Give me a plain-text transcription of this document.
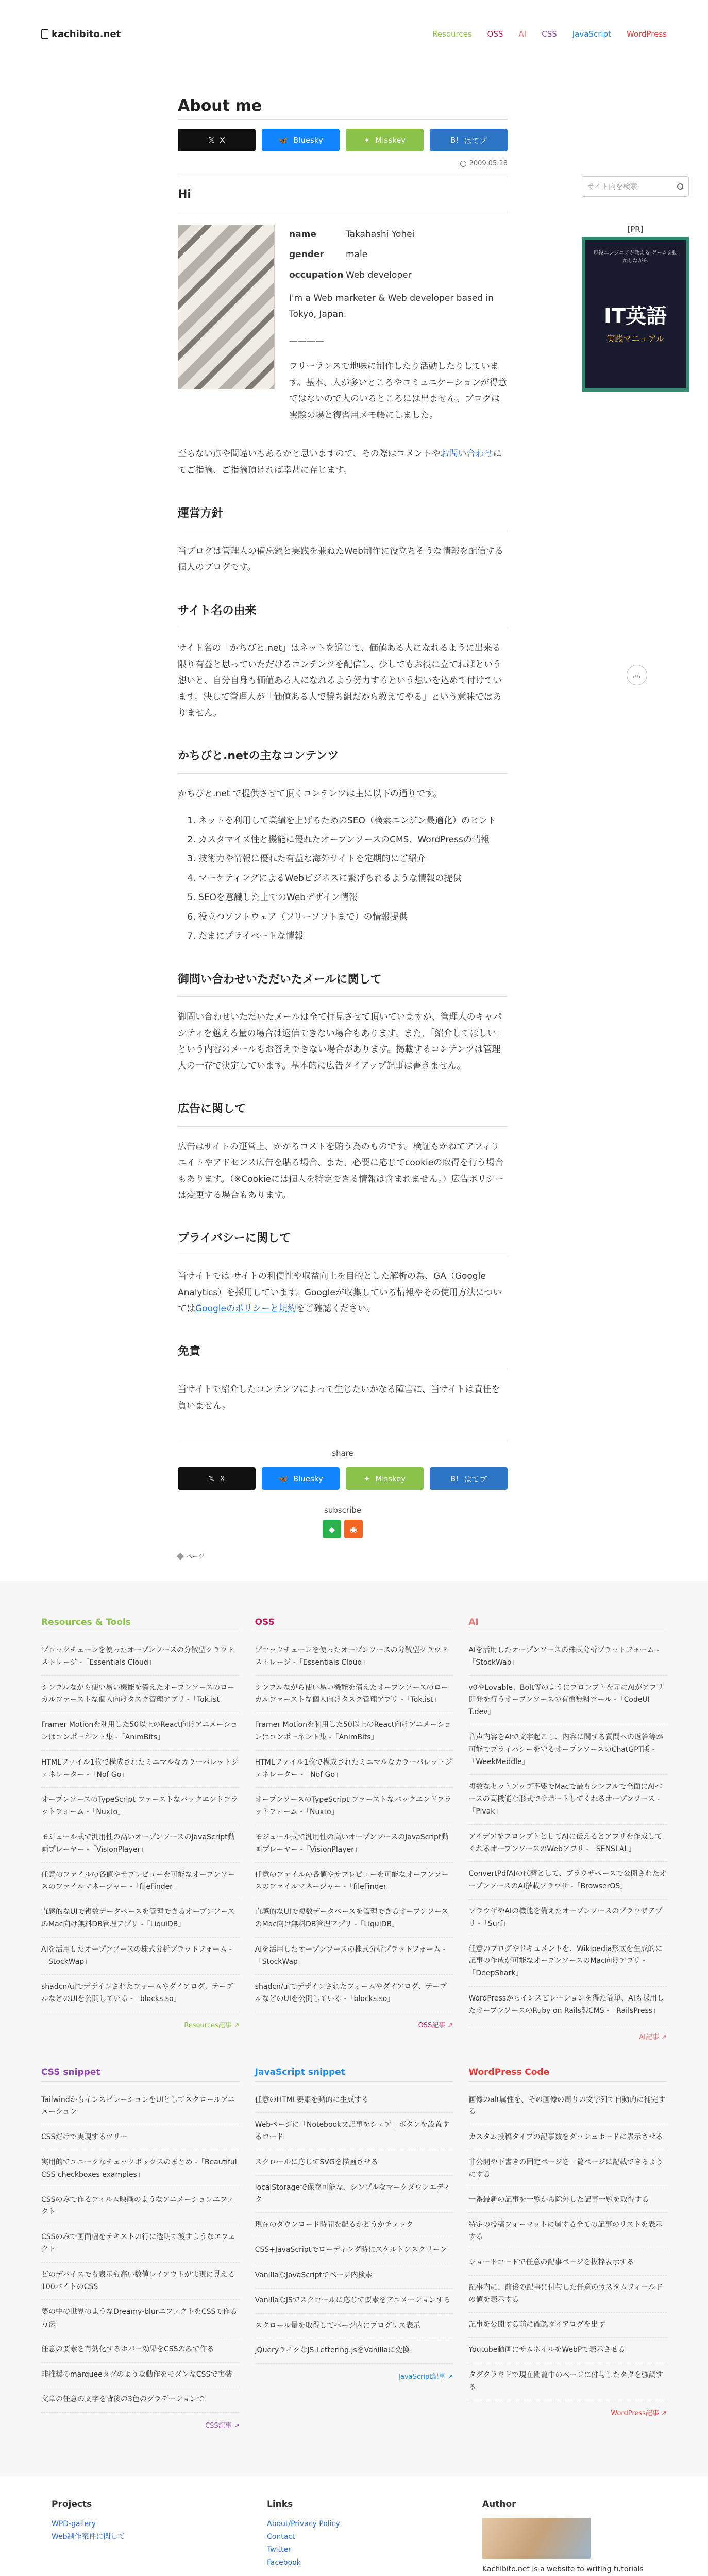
kachibito.net	Resources OSS AI CSS JavaScript WordPress
About me
𝕏 X	🦋 Bluesky	✦ Misskey	B! はてブ
2009.05.28
Hi
name	Takahashi Yohei
gender	male
occupation	Web developer

I'm a Web marketer & Web developer based in Tokyo, Japan.

————

フリーランスで地味に制作したり活動したりしています。基本、人が多いところやコミュニケーションが得意ではないので人のいるところには出ません。ブログは実験の場と復習用メモ帳にしました。

至らない点や間違いもあるかと思いますので、その際はコメントやお問い合わせにてご指摘、ご指摘頂ければ幸甚に存じます。

運営方針

当ブログは管理人の備忘録と実践を兼ねたWeb制作に役立ちそうな情報を配信する個人のブログです。

サイト名の由来

サイト名の「かちびと.net」はネットを通じて、価値ある人になれるように出来る限り有益と思っていただけるコンテンツを配信し、少しでもお役に立てればという想いと、自分自身も価値ある人になれるよう努力するという想いを込めて付けています。決して管理人が「価値ある人で勝ち組だから教えてやる」という意味ではありません。

かちびと.netの主なコンテンツ

かちびと.net で提供させて頂くコンテンツは主に以下の通りです。

1. ネットを利用して業績を上げるためのSEO（検索エンジン最適化）のヒント
2. カスタマイズ性と機能に優れたオープンソースのCMS、WordPressの情報
3. 技術力や情報に優れた有益な海外サイトを定期的にご紹介
4. マーケティングによるWebビジネスに繋げられるような情報の提供
5. SEOを意識した上でのWebデザイン情報
6. 役立つソフトウェア（フリーソフトまで）の情報提供
7. たまにプライベートな情報
御問い合わせいただいたメールに関して

御問い合わせいただいたメールは全て拝見させて頂いていますが、管理人のキャパシティを越える量の場合は返信できない場合もあります。また、「紹介してほしい」という内容のメールもお答えできない場合があります。掲載するコンテンツは管理人の一存で決定しています。基本的に広告タイアップ記事は書きません。

広告に関して

広告はサイトの運営上、かかるコストを賄う為のものです。検証もかねてアフィリエイトやアドセンス広告を貼る場合、また、必要に応じてcookieの取得を行う場合もあります。（※Cookieには個人を特定できる情報は含まれません。）広告ポリシーは変更する場合もあります。

プライバシーに関して

当サイトでは サイトの利便性や収益向上を目的とした解析の為、GA（Google Analytics）を採用しています。Googleが収集している情報やその使用方法についてはGoogleのポリシーと規約をご確認ください。

免責

当サイトで紹介したコンテンツによって生じたいかなる障害に、当サイトは責任を負いません。

share
𝕏 X	🦋 Bluesky	✦ Misskey	B! はてブ
subscribe
◆	◉
ページ
サイト内を検索
[PR]
現役エンジニアが教える ゲームを動かしながら
IT英語
実践マニュアル
︽
Resources & Tools
プロックチェーンを使ったオープンソースの分散型クラウドストレージ -「Essentials Cloud」
シンプルながら使い易い機能を備えたオープンソースのローカルファーストな個人向けタスク管理アプリ -「Tok.ist」
Framer Motionを利用した50以上のReact向けアニメーションはコンポーネント集 -「AnimBits」
HTMLファイル1枚で構成されたミニマルなカラーパレットジェネレーター -「Nof Go」
オープンソースのTypeScript ファーストなバックエンドフラットフォーム -「Nuxto」
モジュール式で汎用性の高いオープンソースのJavaScript動画プレーヤー -「VisionPlayer」
任意のファイルの各値やサブレビューを可能なオープンソースのファイルマネージャー -「fileFinder」
直感的なUIで複数データベースを管理できるオープンソースのMac向け無料DB管理アプリ -「LiquiDB」
AIを活用したオープンソースの株式分析プラットフォーム -「StockWap」
shadcn/uiでデザインされたフォームやダイアログ、テーブルなどのUIを公開している -「blocks.so」
Resources記事 ↗
OSS
プロックチェーンを使ったオープンソースの分散型クラウドストレージ -「Essentials Cloud」
シンプルながら使い易い機能を備えたオープンソースのローカルファーストな個人向けタスク管理アプリ -「Tok.ist」
Framer Motionを利用した50以上のReact向けアニメーションはコンポーネント集 -「AnimBits」
HTMLファイル1枚で構成されたミニマルなカラーパレットジェネレーター -「Nof Go」
オープンソースのTypeScript ファーストなバックエンドフラットフォーム -「Nuxto」
モジュール式で汎用性の高いオープンソースのJavaScript動画プレーヤー -「VisionPlayer」
任意のファイルの各値やサブレビューを可能なオープンソースのファイルマネージャー -「fileFinder」
直感的なUIで複数データベースを管理できるオープンソースのMac向け無料DB管理アプリ -「LiquiDB」
AIを活用したオープンソースの株式分析プラットフォーム -「StockWap」
shadcn/uiでデザインされたフォームやダイアログ、テーブルなどのUIを公開している -「blocks.so」
OSS記事 ↗
AI
AIを活用したオープンソースの株式分析プラットフォーム -「StockWap」
v0やLovable、Bolt等のようにプロンプトを元にAIがアプリ開発を行うオープンソースの有償無料ツール -「CodeUI T.dev」
音声内容をAIで文字起こし、内容に関する質問への返答等が可能でプライバシーを守るオープンソースのChatGPT版 -「WeekMeddle」
複数なセットアップ不要でMacで最もシンプルで全面にAIベースの高機能な形式でサポートしてくれるオープンソース -「Pivak」
アイデアをプロンプトとしてAIに伝えるとアプリを作成してくれるオープンソースのWebアプリ -「SENSLAL」
ConvertPdfAIの代替として、ブラウザベースで公開されたオープンソースのAI搭載ブラウザ -「BrowserOS」
ブラウザやAIの機能を備えたオープンソースのブラウザアプリ -「Surf」
任意のブログやドキュメントを、Wikipedia形式を生成的に記事の作成が可能なオープンソースのMac向けアプリ -「DeepShark」
WordPressからインスピレーションを得た簡単、AIも採用したオープンソースのRuby on Rails製CMS -「RailsPress」
AI記事 ↗
CSS snippet
TailwindからインスピレーションをUIとしてスクロールアニメーション
CSSだけで実現するツリー
実用的でユニークなチェックボックスのまとめ -「Beautiful CSS checkboxes examples」
CSSのみで作るフィルム映画のようなアニメーションエフェクト
CSSのみで画面幅をテキストの行に透明で渡すようなエフェクト
どのデバイスでも表示も高い数値レイアウトが実現に見える100バイトのCSS
夢の中の世界のようなDreamy-blurエフェクトをCSSで作る方法
任意の要素を有効化するホバー効果をCSSのみで作る
非推奨のmarqueeタグのような動作をモダンなCSSで実装
文章の任意の文字を背後の3色のグラデーションで
CSS記事 ↗
JavaScript snippet
任意のHTML要素を動的に生成する
Webページに「Notebook文記事をシェア」ボタンを設置するコード
スクロールに応じてSVGを描画させる
localStorageで保存可能な、シンプルなマークダウンエディタ
現在のダウンロード時間を配るかどうかチェック
CSS+JavaScriptでローディング時にスケルトンスクリーン
VanillaなJavaScriptでページ内検索
VanillaなJSでスクロールに応じて要素をアニメーションする
スクロール量を取得してページ内にプログレス表示
jQueryライクなJS.Lettering.jsをVanillaに変換
JavaScript記事 ↗
WordPress Code
画像のalt属性を、その画像の周りの文字列で自動的に補完する
カスタム投稿タイプの記事数をダッシュボードに表示させる
非公開や下書きの固定ページを一覧ページに記載できるようにする
一番最新の記事を一覧から除外した記事一覧を取得する
特定の投稿フォーマットに属する全ての記事のリストを表示する
ショートコードで任意の記事ページを抜粋表示する
記事内に、前後の記事に付与した任意のカスタムフィールドの値を表示する
記事を公開する前に確認ダイアログを出す
Youtube動画にサムネイルをWebPで表示させる
タグクラウドで現在閲覧中のページに付与したタグを強調する
WordPress記事 ↗
Projects
WPD-gallery
Web制作案件に関して
Links
About/Privacy Policy
Contact
Twitter
Facebook
Author

Kachibito.net is a website to writing tutorials
